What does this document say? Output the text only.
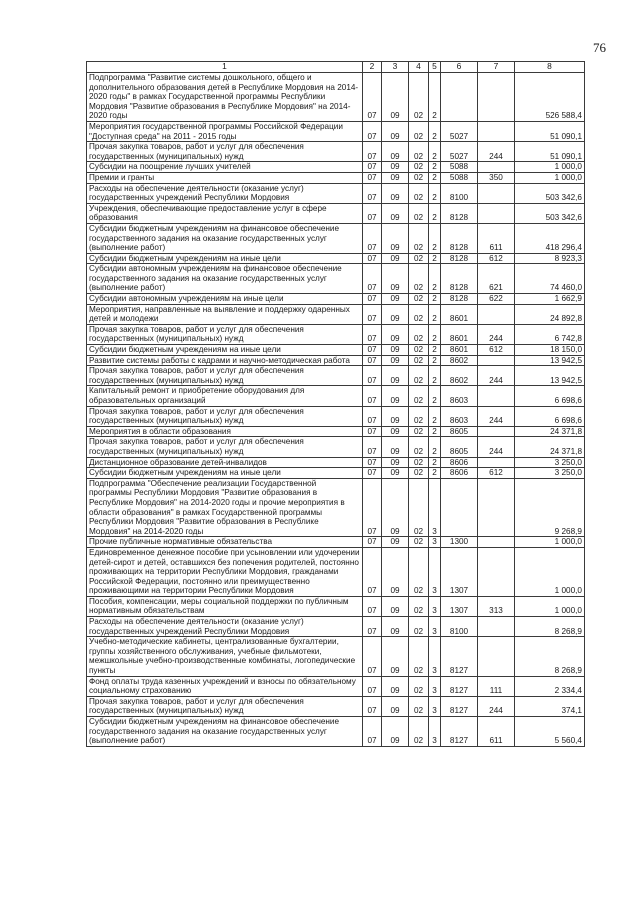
76
1	2	3	4	5	6	7	8
Подпрограмма "Развитие системы дошкольного, общего и дополнительного образования детей в Республике Мордовия на 2014-2020 годы" в рамках Государственной программы Республики Мордовия "Развитие образования в Республике Мордовия" на 2014-2020 годы	07	09	02	2			526 588,4
Мероприятия государственной программы Российской Федерации "Доступная среда" на 2011 - 2015 годы	07	09	02	2	5027		51 090,1
Прочая закупка товаров, работ и услуг для обеспечения государственных (муниципальных) нужд	07	09	02	2	5027	244	51 090,1
Субсидии на поощрение лучших учителей	07	09	02	2	5088		1 000,0
Премии и гранты	07	09	02	2	5088	350	1 000,0
Расходы на обеспечение деятельности (оказание услуг) государственных учреждений Республики Мордовия	07	09	02	2	8100		503 342,6
Учреждения, обеспечивающие предоставление услуг в сфере образования	07	09	02	2	8128		503 342,6
Субсидии бюджетным учреждениям на финансовое обеспечение государственного задания на оказание государственных услуг (выполнение работ)	07	09	02	2	8128	611	418 296,4
Субсидии бюджетным учреждениям на иные цели	07	09	02	2	8128	612	8 923,3
Субсидии автономным учреждениям на финансовое обеспечение государственного задания на оказание государственных услуг (выполнение работ)	07	09	02	2	8128	621	74 460,0
Субсидии автономным учреждениям на иные цели	07	09	02	2	8128	622	1 662,9
Мероприятия, направленные на выявление и поддержку одаренных детей и молодежи	07	09	02	2	8601		24 892,8
Прочая закупка товаров, работ и услуг для обеспечения государственных (муниципальных) нужд	07	09	02	2	8601	244	6 742,8
Субсидии бюджетным учреждениям на иные цели	07	09	02	2	8601	612	18 150,0
Развитие системы работы с кадрами и научно-методическая работа	07	09	02	2	8602		13 942,5
Прочая закупка товаров, работ и услуг для обеспечения государственных (муниципальных) нужд	07	09	02	2	8602	244	13 942,5
Капитальный ремонт и приобретение оборудования для образовательных организаций	07	09	02	2	8603		6 698,6
Прочая закупка товаров, работ и услуг для обеспечения государственных (муниципальных) нужд	07	09	02	2	8603	244	6 698,6
Мероприятия в области образования	07	09	02	2	8605		24 371,8
Прочая закупка товаров, работ и услуг для обеспечения государственных (муниципальных) нужд	07	09	02	2	8605	244	24 371,8
Дистанционное образование детей-инвалидов	07	09	02	2	8606		3 250,0
Субсидии бюджетным учреждениям на иные цели	07	09	02	2	8606	612	3 250,0
Подпрограмма "Обеспечение реализации Государственной программы Республики Мордовия "Развитие образования в Республике Мордовия" на 2014-2020 годы и прочие мероприятия в области образования" в рамках Государственной программы Республики Мордовия "Развитие образования в Республике Мордовия" на 2014-2020 годы	07	09	02	3			9 268,9
Прочие публичные нормативные обязательства	07	09	02	3	1300		1 000,0
Единовременное денежное пособие при усыновлении или удочерении детей-сирот и детей, оставшихся без попечения родителей, постоянно проживающих на территории Республики Мордовия, гражданами Российской Федерации, постоянно или преимущественно проживающими на территории Республики Мордовия	07	09	02	3	1307		1 000,0
Пособия, компенсации, меры социальной поддержки по публичным нормативным обязательствам	07	09	02	3	1307	313	1 000,0
Расходы на обеспечение деятельности (оказание услуг) государственных учреждений Республики Мордовия	07	09	02	3	8100		8 268,9
Учебно-методические кабинеты, централизованные бухгалтерии, группы хозяйственного обслуживания, учебные фильмотеки, межшкольные учебно-производственные комбинаты, логопедические пункты	07	09	02	3	8127		8 268,9
Фонд оплаты труда казенных учреждений и взносы по обязательному социальному страхованию	07	09	02	3	8127	111	2 334,4
Прочая закупка товаров, работ и услуг для обеспечения государственных (муниципальных) нужд	07	09	02	3	8127	244	374,1
Субсидии бюджетным учреждениям на финансовое обеспечение государственного задания на оказание государственных услуг (выполнение работ)	07	09	02	3	8127	611	5 560,4
